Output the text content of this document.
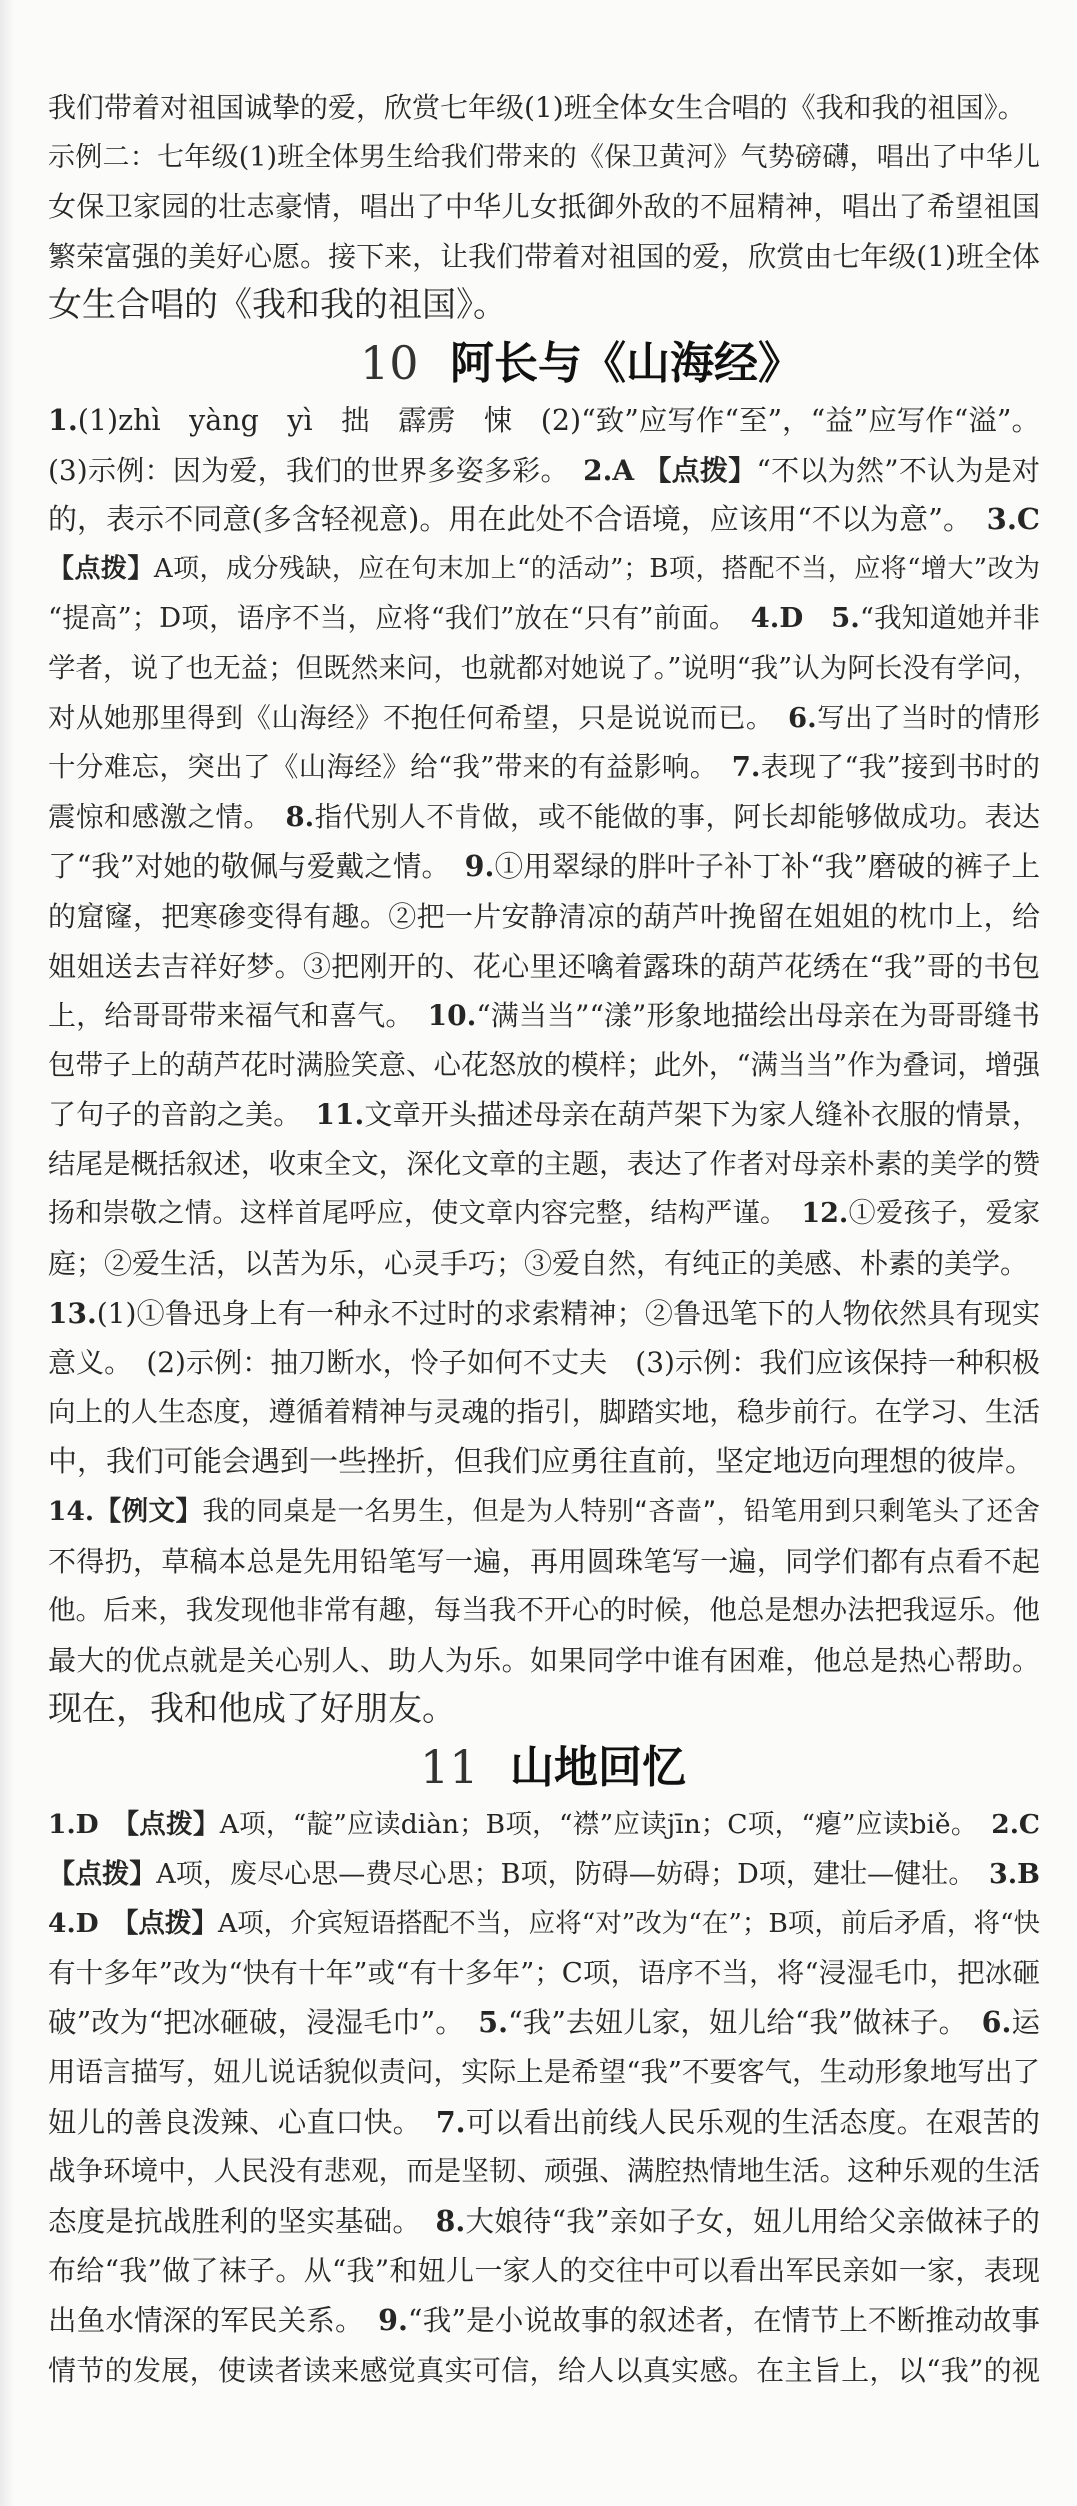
我们带着对祖国诚挚的爱，欣赏七年级(1)班全体女生合唱的《我和我的祖国》。
示例二：七年级(1)班全体男生给我们带来的《保卫黄河》气势磅礴，唱出了中华儿
女保卫家园的壮志豪情，唱出了中华儿女抵御外敌的不屈精神，唱出了希望祖国
繁荣富强的美好心愿。接下来，让我们带着对祖国的爱，欣赏由七年级(1)班全体
女生合唱的《我和我的祖国》。
10 阿长与《山海经》
1.(1)zhì　yàng　yì　拙　霹雳　悚　(2)“致”应写作“至”，“益”应写作“溢”。
(3)示例：因为爱，我们的世界多姿多彩。　2.A 【点拨】“不以为然”不认为是对
的，表示不同意(多含轻视意)。用在此处不合语境，应该用“不以为意”。　3.C
【点拨】A项，成分残缺，应在句末加上“的活动”；B项，搭配不当，应将“增大”改为
“提高”；D项，语序不当，应将“我们”放在“只有”前面。　4.D　 5.“我知道她并非
学者，说了也无益；但既然来问，也就都对她说了。”说明“我”认为阿长没有学问，
对从她那里得到《山海经》不抱任何希望，只是说说而已。　6.写出了当时的情形
十分难忘，突出了《山海经》给“我”带来的有益影响。　7.表现了“我”接到书时的
震惊和感激之情。　8.指代别人不肯做，或不能做的事，阿长却能够做成功。表达
了“我”对她的敬佩与爱戴之情。　9.①用翠绿的胖叶子补丁补“我”磨破的裤子上
的窟窿，把寒碜变得有趣。②把一片安静清凉的葫芦叶挽留在姐姐的枕巾上，给
姐姐送去吉祥好梦。③把刚开的、花心里还噙着露珠的葫芦花绣在“我”哥的书包
上，给哥哥带来福气和喜气。　10.“满当当”“漾”形象地描绘出母亲在为哥哥缝书
包带子上的葫芦花时满脸笑意、心花怒放的模样；此外，“满当当”作为叠词，增强
了句子的音韵之美。　11.文章开头描述母亲在葫芦架下为家人缝补衣服的情景，
结尾是概括叙述，收束全文，深化文章的主题，表达了作者对母亲朴素的美学的赞
扬和崇敬之情。这样首尾呼应，使文章内容完整，结构严谨。　12.①爱孩子，爱家
庭；②爱生活，以苦为乐，心灵手巧；③爱自然，有纯正的美感、朴素的美学。
13.(1)①鲁迅身上有一种永不过时的求索精神；②鲁迅笔下的人物依然具有现实
意义。　(2)示例：抽刀断水，怜子如何不丈夫　(3)示例：我们应该保持一种积极
向上的人生态度，遵循着精神与灵魂的指引，脚踏实地，稳步前行。在学习、生活
中，我们可能会遇到一些挫折，但我们应勇往直前，坚定地迈向理想的彼岸。
14.【例文】我的同桌是一名男生，但是为人特别“吝啬”，铅笔用到只剩笔头了还舍
不得扔，草稿本总是先用铅笔写一遍，再用圆珠笔写一遍，同学们都有点看不起
他。后来，我发现他非常有趣，每当我不开心的时候，他总是想办法把我逗乐。他
最大的优点就是关心别人、助人为乐。如果同学中谁有困难，他总是热心帮助。
现在，我和他成了好朋友。
11 山地回忆
1.D　 【点拨】A项，“靛”应读diàn；B项，“襟”应读jīn；C项，“瘪”应读biě。　2.C
【点拨】A项，废尽心思—费尽心思；B项，防碍—妨碍；D项，建壮—健壮。　3.B
4.D　 【点拨】A项，介宾短语搭配不当，应将“对”改为“在”；B项，前后矛盾，将“快
有十多年”改为“快有十年”或“有十多年”；C项，语序不当，将“浸湿毛巾，把冰砸
破”改为“把冰砸破，浸湿毛巾”。　5.“我”去妞儿家，妞儿给“我”做袜子。　6.运
用语言描写，妞儿说话貌似责问，实际上是希望“我”不要客气，生动形象地写出了
妞儿的善良泼辣、心直口快。　7.可以看出前线人民乐观的生活态度。在艰苦的
战争环境中，人民没有悲观，而是坚韧、顽强、满腔热情地生活。这种乐观的生活
态度是抗战胜利的坚实基础。　8.大娘待“我”亲如子女，妞儿用给父亲做袜子的
布给“我”做了袜子。从“我”和妞儿一家人的交往中可以看出军民亲如一家，表现
出鱼水情深的军民关系。　9.“我”是小说故事的叙述者，在情节上不断推动故事
情节的发展，使读者读来感觉真实可信，给人以真实感。在主旨上，以“我”的视
